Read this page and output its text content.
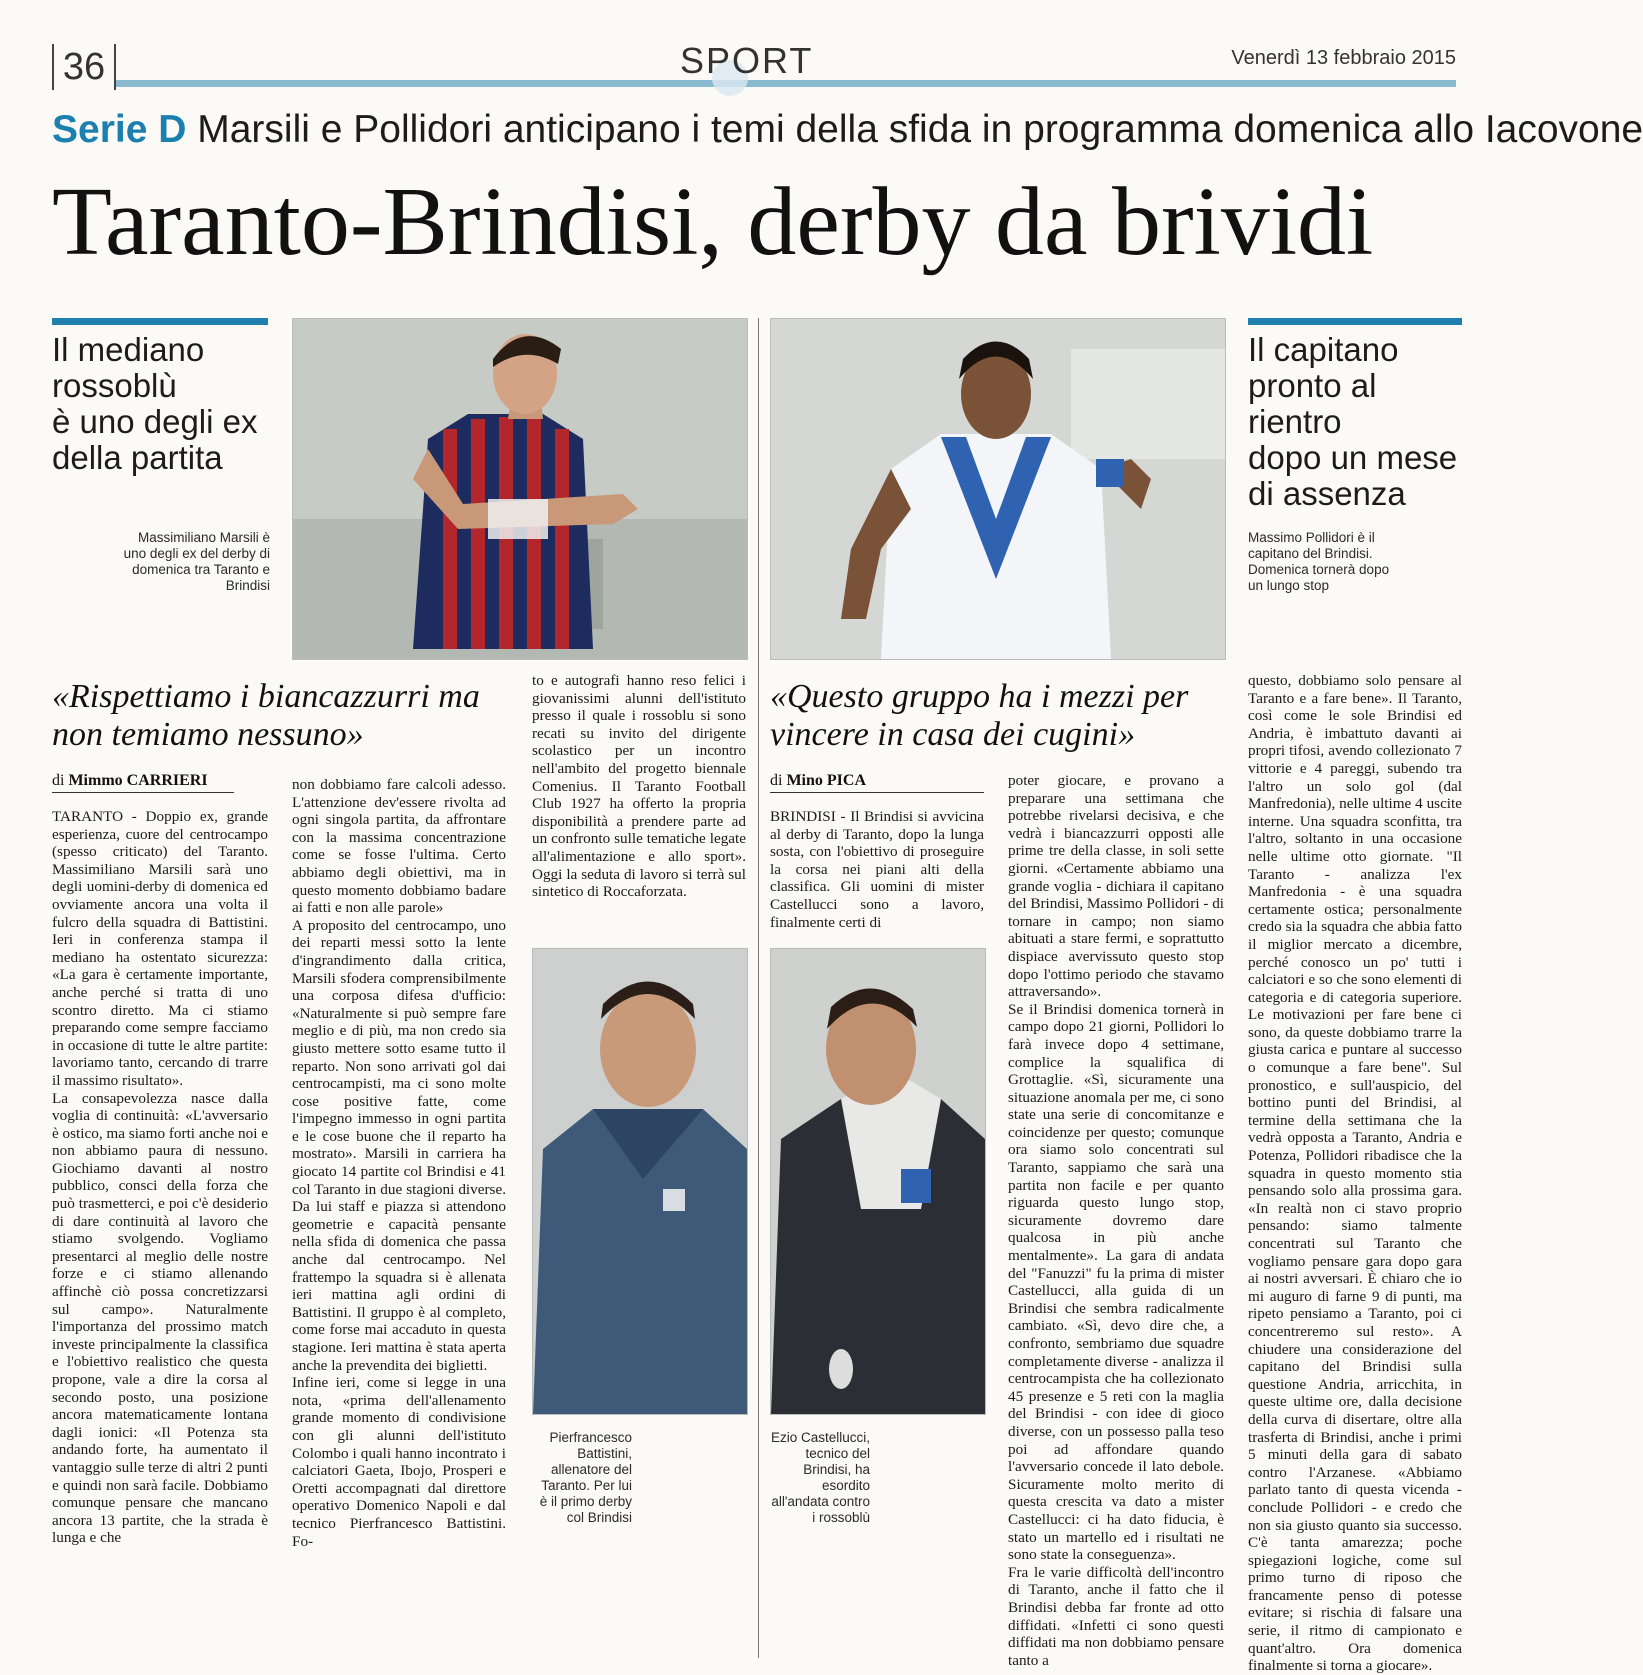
36	SPORT	Venerdì 13 febbraio 2015
Serie D Marsili e Pollidori anticipano i temi della sfida in programma domenica allo Iacovone
Taranto-Brindisi, derby da brividi
Il mediano
rossoblù
è uno degli ex
della partita
Massimiliano Marsili è uno degli ex del derby di domenica tra Taranto e Brindisi
Il capitano
pronto al rientro
dopo un mese
di assenza
Massimo Pollidori è il capitano del Brindisi. Domenica tornerà dopo un lungo stop
«Rispettiamo i biancazzurri ma non temiamo nessuno»
di Mimmo CARRIERI
TARANTO - Doppio ex, grande esperienza, cuore del centrocampo (spesso criticato) del Taranto. Massimiliano Marsili sarà uno degli uomini-derby di domenica ed ovviamente ancora una volta il fulcro della squadra di Battistini. Ieri in conferenza stampa il mediano ha ostentato sicurezza: «La gara è certamente importante, anche perché si tratta di uno scontro diretto. Ma ci stiamo preparando come sempre facciamo in occasione di tutte le altre partite: lavoriamo tanto, cercando di trarre il massimo risultato».
La consapevolezza nasce dalla voglia di continuità: «L'avversario è ostico, ma siamo forti anche noi e non abbiamo paura di nessuno. Giochiamo davanti al nostro pubblico, consci della forza che può trasmetterci, e poi c'è desiderio di dare continuità al lavoro che stiamo svolgendo. Vogliamo presentarci al meglio delle nostre forze e ci stiamo allenando affinchè ciò possa concretizzarsi sul campo». Naturalmente l'importanza del prossimo match investe principalmente la classifica e l'obiettivo realistico che questa propone, vale a dire la corsa al secondo posto, una posizione ancora matematicamente lontana dagli ionici: «Il Potenza sta andando forte, ha aumentato il vantaggio sulle terze di altri 2 punti e quindi non sarà facile. Dobbiamo comunque pensare che mancano ancora 13 partite, che la strada è lunga e che
non dobbiamo fare calcoli adesso. L'attenzione dev'essere rivolta ad ogni singola partita, da affrontare con la massima concentrazione come se fosse l'ultima. Certo abbiamo degli obiettivi, ma in questo momento dobbiamo badare ai fatti e non alle parole»
A proposito del centrocampo, uno dei reparti messi sotto la lente d'ingrandimento dalla critica, Marsili sfodera comprensibilmente una corposa difesa d'ufficio: «Naturalmente si può sempre fare meglio e di più, ma non credo sia giusto mettere sotto esame tutto il reparto. Non sono arrivati gol dai centrocampisti, ma ci sono molte cose positive fatte, come l'impegno immesso in ogni partita e le cose buone che il reparto ha mostrato». Marsili in carriera ha giocato 14 partite col Brindisi e 41 col Taranto in due stagioni diverse. Da lui staff e piazza si attendono geometrie e capacità pensante nella sfida di domenica che passa anche dal centrocampo. Nel frattempo la squadra si è allenata ieri mattina agli ordini di Battistini. Il gruppo è al completo, come forse mai accaduto in questa stagione. Ieri mattina è stata aperta anche la prevendita dei biglietti.
Infine ieri, come si legge in una nota, «prima dell'allenamento grande momento di condivisione con gli alunni dell'istituto Colombo i quali hanno incontrato i calciatori Gaeta, Ibojo, Prosperi e Oretti accompagnati dal direttore operativo Domenico Napoli e dal tecnico Pierfrancesco Battistini. Fo-
to e autografi hanno reso felici i giovanissimi alunni dell'istituto presso il quale i rossoblu si sono recati su invito del dirigente scolastico per un incontro nell'ambito del progetto biennale Comenius. Il Taranto Football Club 1927 ha offerto la propria disponibilità a prendere parte ad un confronto sulle tematiche legate all'alimentazione e allo sport». Oggi la seduta di lavoro si terrà sul sintetico di Roccaforzata.
Pierfrancesco Battistini, allenatore del Taranto. Per lui è il primo derby col Brindisi
Ezio Castellucci, tecnico del Brindisi, ha esordito all'andata contro i rossoblù
«Questo gruppo ha i mezzi per vincere in casa dei cugini»
di Mino PICA
BRINDISI - Il Brindisi si avvicina al derby di Taranto, dopo la lunga sosta, con l'obiettivo di proseguire la corsa nei piani alti della classifica. Gli uomini di mister Castellucci sono a lavoro, finalmente certi di
poter giocare, e provano a preparare una settimana che potrebbe rivelarsi decisiva, e che vedrà i biancazzurri opposti alle prime tre della classe, in soli sette giorni. «Certamente abbiamo una grande voglia - dichiara il capitano del Brindisi, Massimo Pollidori - di tornare in campo; non siamo abituati a stare fermi, e soprattutto dispiace avervissuto questo stop dopo l'ottimo periodo che stavamo attraversando».
Se il Brindisi domenica tornerà in campo dopo 21 giorni, Pollidori lo farà invece dopo 4 settimane, complice la squalifica di Grottaglie. «Sì, sicuramente una situazione anomala per me, ci sono state una serie di concomitanze e coincidenze per questo; comunque ora siamo solo concentrati sul Taranto, sappiamo che sarà una partita non facile e per quanto riguarda questo lungo stop, sicuramente dovremo dare qualcosa in più anche mentalmente». La gara di andata del "Fanuzzi" fu la prima di mister Castellucci, alla guida di un Brindisi che sembra radicalmente cambiato. «Sì, devo dire che, a confronto, sembriamo due squadre completamente diverse - analizza il centrocampista che ha collezionato 45 presenze e 5 reti con la maglia del Brindisi - con idee di gioco diverse, con un possesso palla teso poi ad affondare quando l'avversario concede il lato debole. Sicuramente molto merito di questa crescita va dato a mister Castellucci: ci ha dato fiducia, è stato un martello ed i risultati ne sono state la conseguenza».
Fra le varie difficoltà dell'incontro di Taranto, anche il fatto che il Brindisi debba far fronte ad otto diffidati. «Infetti ci sono questi diffidati ma non dobbiamo pensare tanto a
questo, dobbiamo solo pensare al Taranto e a fare bene». Il Taranto, così come le sole Brindisi ed Andria, è imbattuto davanti ai propri tifosi, avendo collezionato 7 vittorie e 4 pareggi, subendo tra l'altro un solo gol (dal Manfredonia), nelle ultime 4 uscite interne. Una squadra sconfitta, tra l'altro, soltanto in una occasione nelle ultime otto giornate. "Il Taranto - analizza l'ex Manfredonia - è una squadra certamente ostica; personalmente credo sia la squadra che abbia fatto il miglior mercato a dicembre, perché conosco un po' tutti i calciatori e so che sono elementi di categoria e di categoria superiore. Le motivazioni per fare bene ci sono, da queste dobbiamo trarre la giusta carica e puntare al successo o comunque a fare bene". Sul pronostico, e sull'auspicio, del bottino punti del Brindisi, al termine della settimana che la vedrà opposta a Taranto, Andria e Potenza, Pollidori ribadisce che la squadra in questo momento stia pensando solo alla prossima gara. «In realtà non ci stavo proprio pensando: siamo talmente concentrati sul Taranto che vogliamo pensare gara dopo gara ai nostri avversari. È chiaro che io mi auguro di farne 9 di punti, ma ripeto pensiamo a Taranto, poi ci concentreremo sul resto». A chiudere una considerazione del capitano del Brindisi sulla questione Andria, arricchita, in queste ultime ore, dalla decisione della curva di disertare, oltre alla trasferta di Brindisi, anche i primi 5 minuti della gara di sabato contro l'Arzanese. «Abbiamo parlato tanto di questa vicenda - conclude Pollidori - e credo che non sia giusto quanto sia successo. C'è tanta amarezza; poche spiegazioni logiche, come sul primo turno di riposo che francamente penso di potesse evitare; si rischia di falsare una serie, il ritmo di campionato e quant'altro. Ora domenica finalmente si torna a giocare».
